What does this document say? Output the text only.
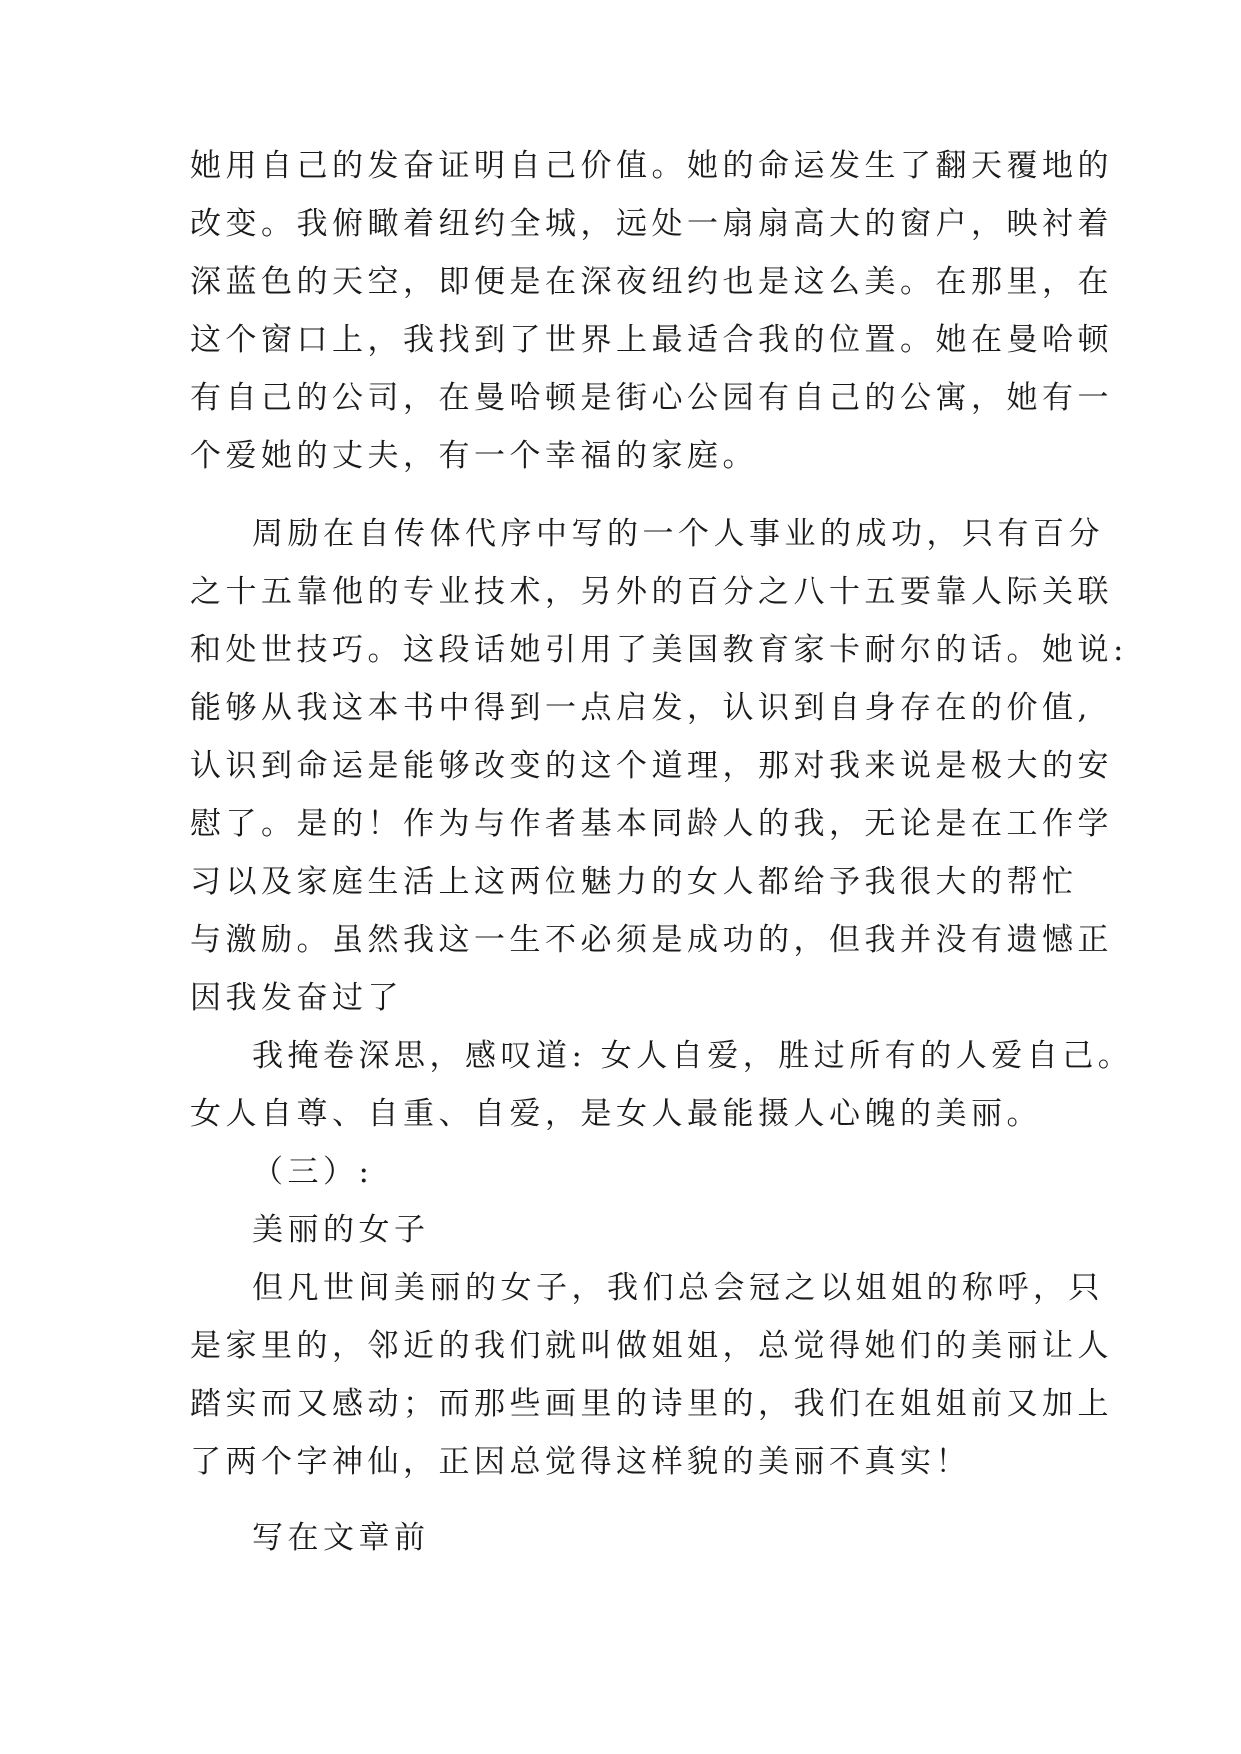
她用自己的发奋证明自己价值。她的命运发生了翻天覆地的
改变。我俯瞰着纽约全城，远处一扇扇高大的窗户，映衬着
深蓝色的天空，即便是在深夜纽约也是这么美。在那里，在
这个窗口上，我找到了世界上最适合我的位置。她在曼哈顿
有自己的公司，在曼哈顿是街心公园有自己的公寓，她有一
个爱她的丈夫，有一个幸福的家庭。
周励在自传体代序中写的一个人事业的成功，只有百分
之十五靠他的专业技术，另外的百分之八十五要靠人际关联
和处世技巧。这段话她引用了美国教育家卡耐尔的话。她说:
能够从我这本书中得到一点启发，认识到自身存在的价值,
认识到命运是能够改变的这个道理，那对我来说是极大的安
慰了。是的！作为与作者基本同龄人的我，无论是在工作学
习以及家庭生活上这两位魅力的女人都给予我很大的帮忙
与激励。虽然我这一生不必须是成功的，但我并没有遗憾正
因我发奋过了
我掩卷深思，感叹道: 女人自爱，胜过所有的人爱自己。
女人自尊、自重、自爱，是女人最能摄人心魄的美丽。
（三）:
美丽的女子
但凡世间美丽的女子，我们总会冠之以姐姐的称呼，只
是家里的，邻近的我们就叫做姐姐，总觉得她们的美丽让人
踏实而又感动；而那些画里的诗里的，我们在姐姐前又加上
了两个字神仙，正因总觉得这样貌的美丽不真实！
写在文章前
